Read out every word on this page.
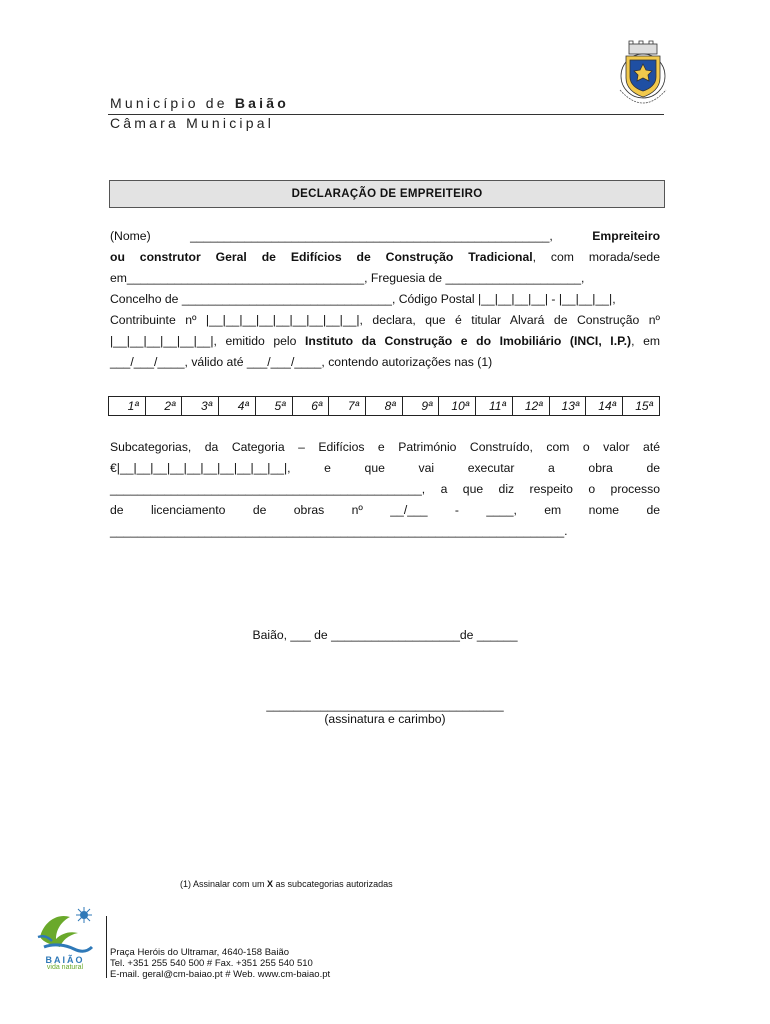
Município de Baião
Câmara Municipal
DECLARAÇÃO DE EMPREITEIRO
(Nome) _____________________________________________________,	Empreiteiro
ou construtor Geral de Edifícios de Construção Tradicional, com morada/sede
em___________________________________, Freguesia de ____________________,
Concelho de _______________________________, Código Postal |__|__|__|__| - |__|__|__|,
Contribuinte nº |__|__|__|__|__|__|__|__|__|, declara, que é titular Alvará de Construção nº
|__|__|__|__|__|__|, emitido pelo Instituto da Construção e do Imobiliário (INCI, I.P.), em
___/___/____, válido até ___/___/____, contendo autorizações nas (1)
1ª	2ª	3ª	4ª	5ª	6ª	7ª	8ª	9ª	10ª	11ª	12ª	13ª	14ª	15ª
Subcategorias, da Categoria – Edifícios e Património Construído, com o valor até
€|__|__|__|__|__|__|__|__|__|__|, e que vai executar a obra de
______________________________________________, a que diz respeito o processo
de licenciamento de obras nº __/___ - ____, em nome de
___________________________________________________________________.
Baião, ___ de ___________________de ______
___________________________________
(assinatura e carimbo)
(1) Assinalar com um X as subcategorias autorizadas
BAIÃO
vida natural
Praça Heróis do Ultramar, 4640-158 Baião
Tel. +351 255 540 500 # Fax. +351 255 540 510
E-mail. geral@cm-baiao.pt # Web. www.cm-baiao.pt
